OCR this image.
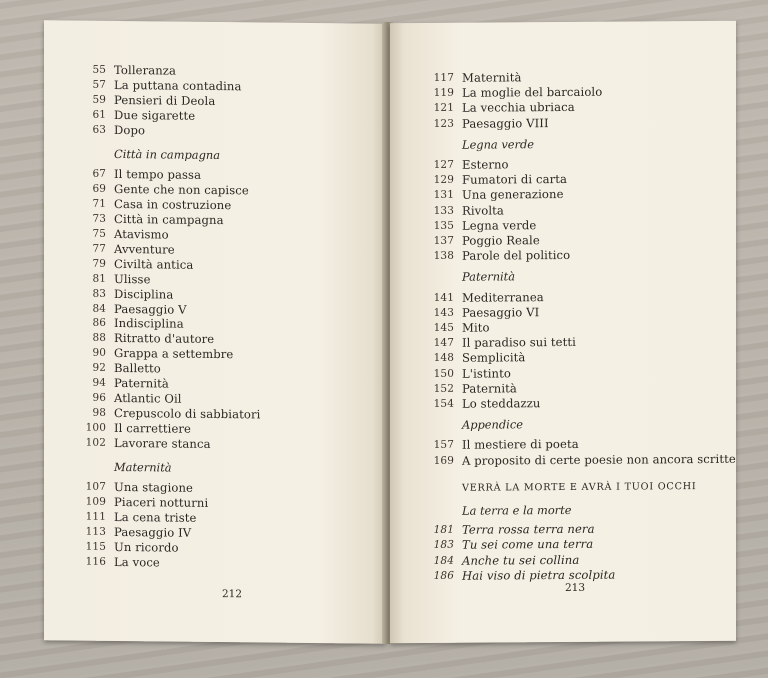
55 Tolleranza
57 La puttana contadina
59 Pensieri di Deola
61 Due sigarette
63 Dopo
Città in campagna
67 Il tempo passa
69 Gente che non capisce
71 Casa in costruzione
73 Città in campagna
75 Atavismo
77 Avventure
79 Civiltà antica
81 Ulisse
83 Disciplina
84 Paesaggio V
86 Indisciplina
88 Ritratto d'autore
90 Grappa a settembre
92 Balletto
94 Paternità
96 Atlantic Oil
98 Crepuscolo di sabbiatori
100 Il carrettiere
102 Lavorare stanca
Maternità
107 Una stagione
109 Piaceri notturni
111 La cena triste
113 Paesaggio IV
115 Un ricordo
116 La voce
212
117 Maternità
119 La moglie del barcaiolo
121 La vecchia ubriaca
123 Paesaggio VIII
Legna verde
127 Esterno
129 Fumatori di carta
131 Una generazione
133 Rivolta
135 Legna verde
137 Poggio Reale
138 Parole del politico
Paternità
141 Mediterranea
143 Paesaggio VI
145 Mito
147 Il paradiso sui tetti
148 Semplicità
150 L'istinto
152 Paternità
154 Lo steddazzu
Appendice
157 Il mestiere di poeta
169 A proposito di certe poesie non ancora scritte
VERRÀ LA MORTE E AVRÀ I TUOI OCCHI
La terra e la morte
181 Terra rossa terra nera
183 Tu sei come una terra
184 Anche tu sei collina
186 Hai viso di pietra scolpita
213
